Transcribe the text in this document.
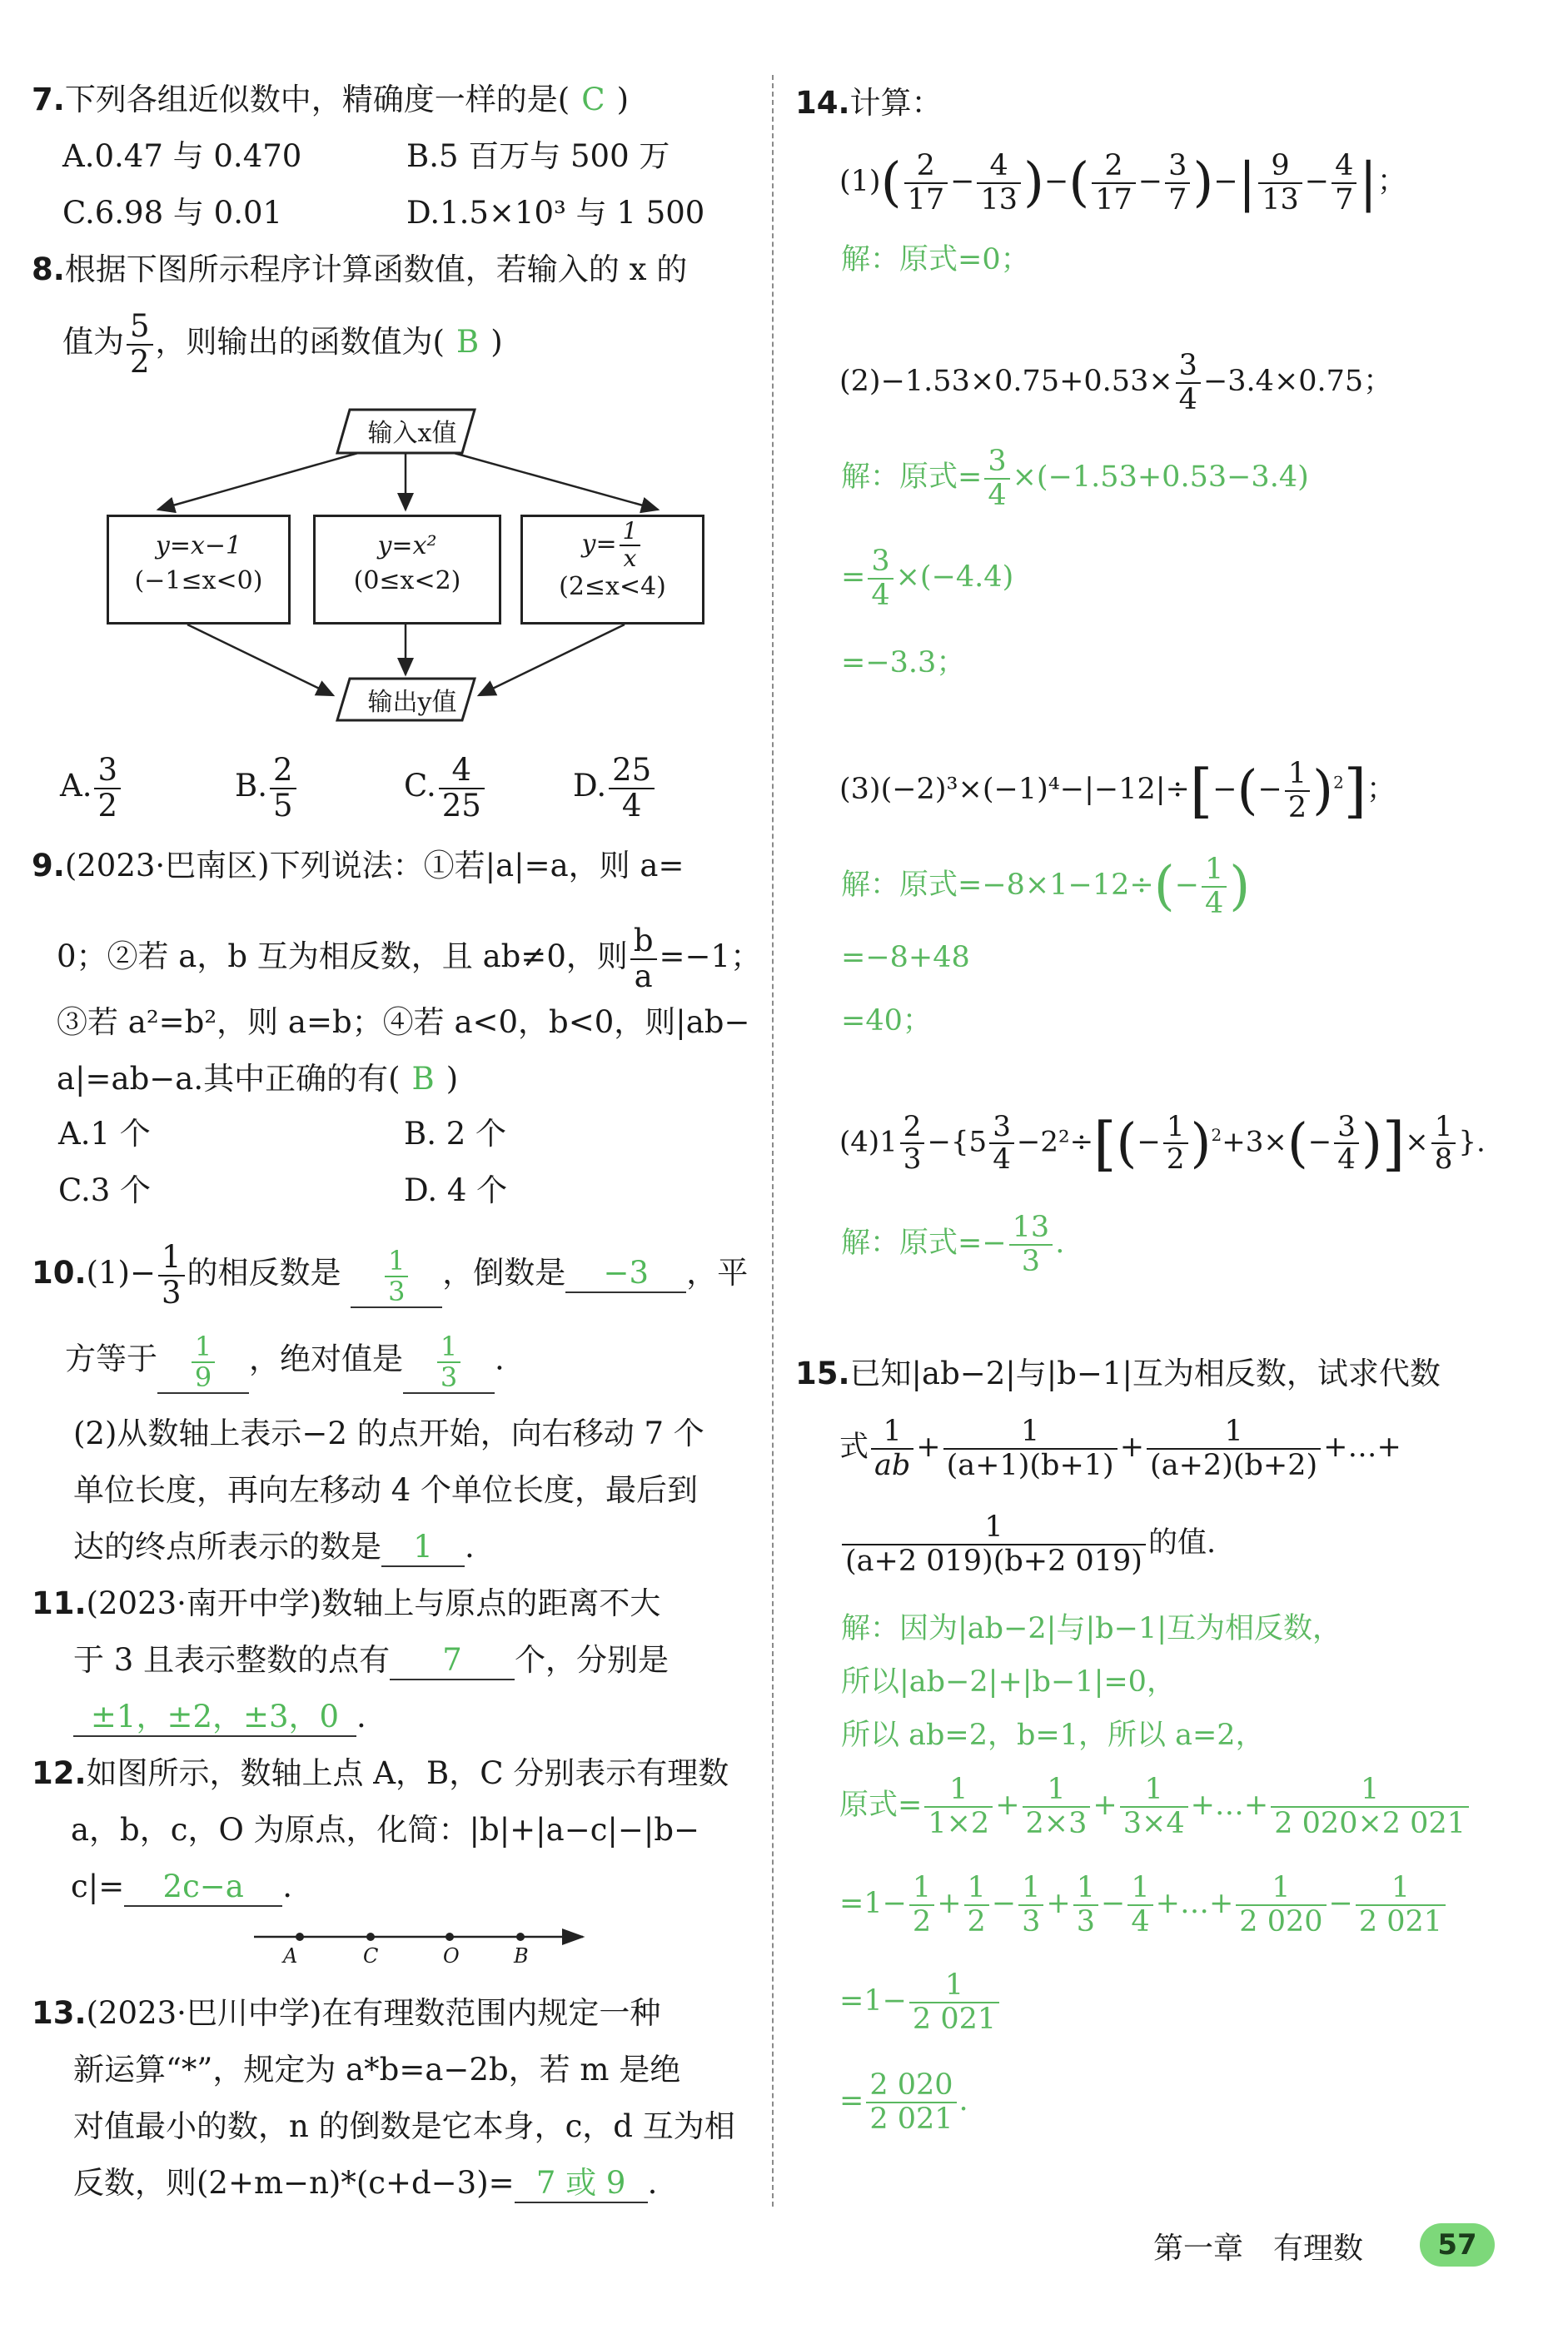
7.下列各组近似数中，精确度一样的是( C )
A.0.47 与 0.470	B.5 百万与 500 万
C.6.98 与 0.01	D.1.5×10³ 与 1 500
8.根据下图所示程序计算函数值，若输入的 x 的
值为 $\frac{5}{2}$ ，则输出的函数值为( B )
输入x值
输出y值
y=x−1
(−1≤x<0)
y=x²
(0≤x<2)
$y= \frac{1}{x}$
(2≤x<4)
A. $\frac{3}{2}$	B. $\frac{2}{5}$	C. $\frac{4}{25}$	D. $\frac{25}{4}$
9.(2023·巴南区)下列说法：①若|a|=a，则 a=
0；②若 a，b 互为相反数，且 ab≠0，则 $\frac{b}{a} =-1$；
③若 a²=b²，则 a=b；④若 a<0，b<0，则|ab−
a|=ab−a.其中正确的有( B )
A.1 个	B. 2 个
C.3 个	D. 4 个
$10.(1)- \frac{1}{3}$ 的相反数是 $\frac{1}{3}$ ，倒数是 −3 ，平
方等于 $\frac{1}{9}$ ，绝对值是 $\frac{1}{3}$ .
(2)从数轴上表示−2 的点开始，向右移动 7 个
单位长度，再向左移动 4 个单位长度，最后到
达的终点所表示的数是 1 .
11.(2023·南开中学)数轴上与原点的距离不大
于 3 且表示整数的点有 7 个，分别是
±1，±2，±3，0 .
12.如图所示，数轴上点 A，B，C 分别表示有理数
a，b，c，O 为原点，化简：|b|+|a−c|−|b−
c|= 2c−a .
A	C	O	B
13.(2023·巴川中学)在有理数范围内规定一种
新运算“*”，规定为 a*b=a−2b，若 m 是绝
对值最小的数，n 的倒数是它本身，c，d 互为相
反数，则(2+m−n)*(c+d−3)= 7 或 9 .
14.计算：
$(1)( \frac{2}{17} - \frac{4}{13}$ )−( $\frac{2}{17} - \frac{3}{7}$ )−| $\frac{9}{13} - \frac{4}{7}$ |；
解：原式=0；
$(2)-1.53\times 0.75+0.53\times \frac{3}{4} -3.4\times 0.75$；
解：原式= $\frac{3}{4} \times(-1.53+0.53-3.4)$
= $\frac{3}{4} \times(-4.4)$
=−3.3；
$(3)(-2)^3\times(-1)^4-|-12|\div[-(- \frac{1}{2} )^2]$；
解：原式$=-8\times 1-12\div(- \frac{1}{4}$ )
=−8+48
=40；
$(4)1 \frac{2}{3} -\{5 \frac{3}{4} -2^2\div[(- \frac{1}{2} )^2+3\times(- \frac{3}{4}$ )]× $\frac{1}{8}$ }.
解：原式=− $\frac{13}{3}$ .
15.已知|ab−2|与|b−1|互为相反数，试求代数
式 $\frac{1}{ab} + \frac{1}{(a+1)(b+1)} + \frac{1}{(a+2)(b+2)}$ +…+
$\frac{1}{(a+2 019)(b+2 019)}$ 的值.
解：因为|ab−2|与|b−1|互为相反数，
所以|ab−2|+|b−1|=0，
所以 ab=2，b=1，所以 a=2，
原式= $\frac{1}{1\times 2} + \frac{1}{2\times 3} + \frac{1}{3\times 4}$ +…+ $\frac{1}{2 020\times 2 021}$
$=1- \frac{1}{2} + \frac{1}{2} - \frac{1}{3} + \frac{1}{3} - \frac{1}{4}$ +…+ $\frac{1}{2 020} - \frac{1}{2 021}$
$=1- \frac{1}{2 021}$
= $\frac{2 020}{2 021}$ .
第一章　有理数	57
